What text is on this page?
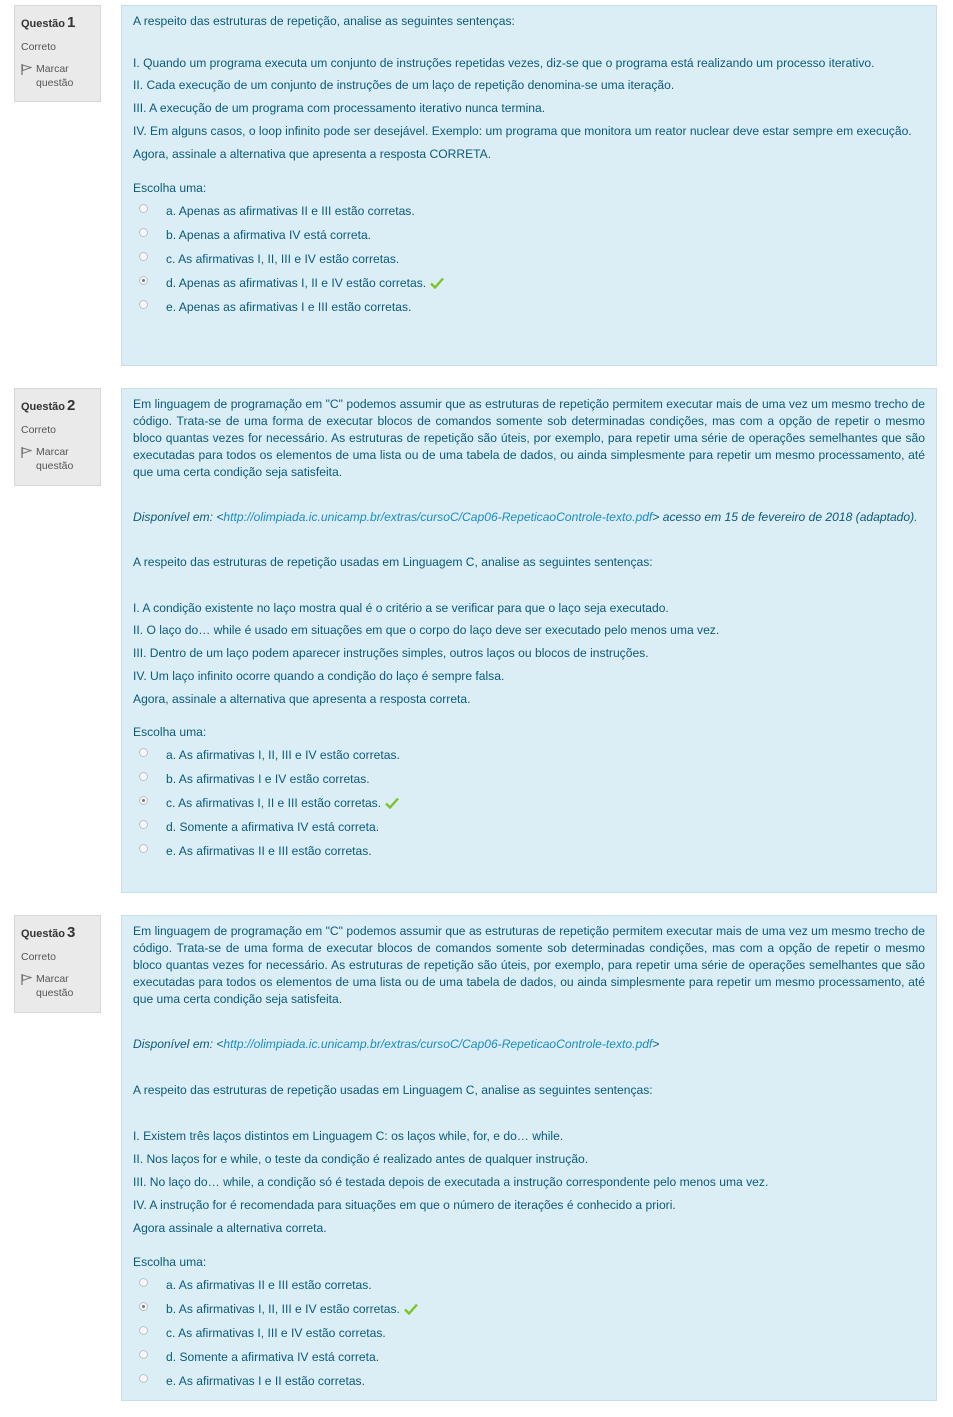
Questão 1
Correto
Marcar questão

A respeito das estruturas de repetição, analise as seguintes sentenças:

I. Quando um programa executa um conjunto de instruções repetidas vezes, diz-se que o programa está realizando um processo iterativo.

II. Cada execução de um conjunto de instruções de um laço de repetição denomina-se uma iteração.

III. A execução de um programa com processamento iterativo nunca termina.

IV. Em alguns casos, o loop infinito pode ser desejável. Exemplo: um programa que monitora um reator nuclear deve estar sempre em execução.

Agora, assinale a alternativa que apresenta a resposta CORRETA.

Escolha uma:

a. Apenas as afirmativas II e III estão corretas.
b. Apenas a afirmativa IV está correta.
c. As afirmativas I, II, III e IV estão corretas.
d. Apenas as afirmativas I, II e IV estão corretas.
e. Apenas as afirmativas I e III estão corretas.
Questão 2
Correto
Marcar questão

Em linguagem de programação em "C" podemos assumir que as estruturas de repetição permitem executar mais de uma vez um mesmo trecho de código. Trata-se de uma forma de executar blocos de comandos somente sob determinadas condições, mas com a opção de repetir o mesmo bloco quantas vezes for necessário. As estruturas de repetição são úteis, por exemplo, para repetir uma série de operações semelhantes que são executadas para todos os elementos de uma lista ou de uma tabela de dados, ou ainda simplesmente para repetir um mesmo processamento, até que uma certa condição seja satisfeita.

Disponível em: <http://olimpiada.ic.unicamp.br/extras/cursoC/Cap06-RepeticaoControle-texto.pdf> acesso em 15 de fevereiro de 2018 (adaptado).

A respeito das estruturas de repetição usadas em Linguagem C, analise as seguintes sentenças:

I. A condição existente no laço mostra qual é o critério a se verificar para que o laço seja executado.

II. O laço do… while é usado em situações em que o corpo do laço deve ser executado pelo menos uma vez.

III. Dentro de um laço podem aparecer instruções simples, outros laços ou blocos de instruções.

IV. Um laço infinito ocorre quando a condição do laço é sempre falsa.

Agora, assinale a alternativa que apresenta a resposta correta.

Escolha uma:

a. As afirmativas I, II, III e IV estão corretas.
b. As afirmativas I e IV estão corretas.
c. As afirmativas I, II e III estão corretas.
d. Somente a afirmativa IV está correta.
e. As afirmativas II e III estão corretas.
Questão 3
Correto
Marcar questão

Em linguagem de programação em "C" podemos assumir que as estruturas de repetição permitem executar mais de uma vez um mesmo trecho de código. Trata-se de uma forma de executar blocos de comandos somente sob determinadas condições, mas com a opção de repetir o mesmo bloco quantas vezes for necessário. As estruturas de repetição são úteis, por exemplo, para repetir uma série de operações semelhantes que são executadas para todos os elementos de uma lista ou de uma tabela de dados, ou ainda simplesmente para repetir um mesmo processamento, até que uma certa condição seja satisfeita.

Disponível em: <http://olimpiada.ic.unicamp.br/extras/cursoC/Cap06-RepeticaoControle-texto.pdf>

A respeito das estruturas de repetição usadas em Linguagem C, analise as seguintes sentenças:

I. Existem três laços distintos em Linguagem C: os laços while, for, e do… while.

II. Nos laços for e while, o teste da condição é realizado antes de qualquer instrução.

III. No laço do… while, a condição só é testada depois de executada a instrução correspondente pelo menos uma vez.

IV. A instrução for é recomendada para situações em que o número de iterações é conhecido a priori.

Agora assinale a alternativa correta.

Escolha uma:

a. As afirmativas II e III estão corretas.
b. As afirmativas I, II, III e IV estão corretas.
c. As afirmativas I, III e IV estão corretas.
d. Somente a afirmativa IV está correta.
e. As afirmativas I e II estão corretas.
